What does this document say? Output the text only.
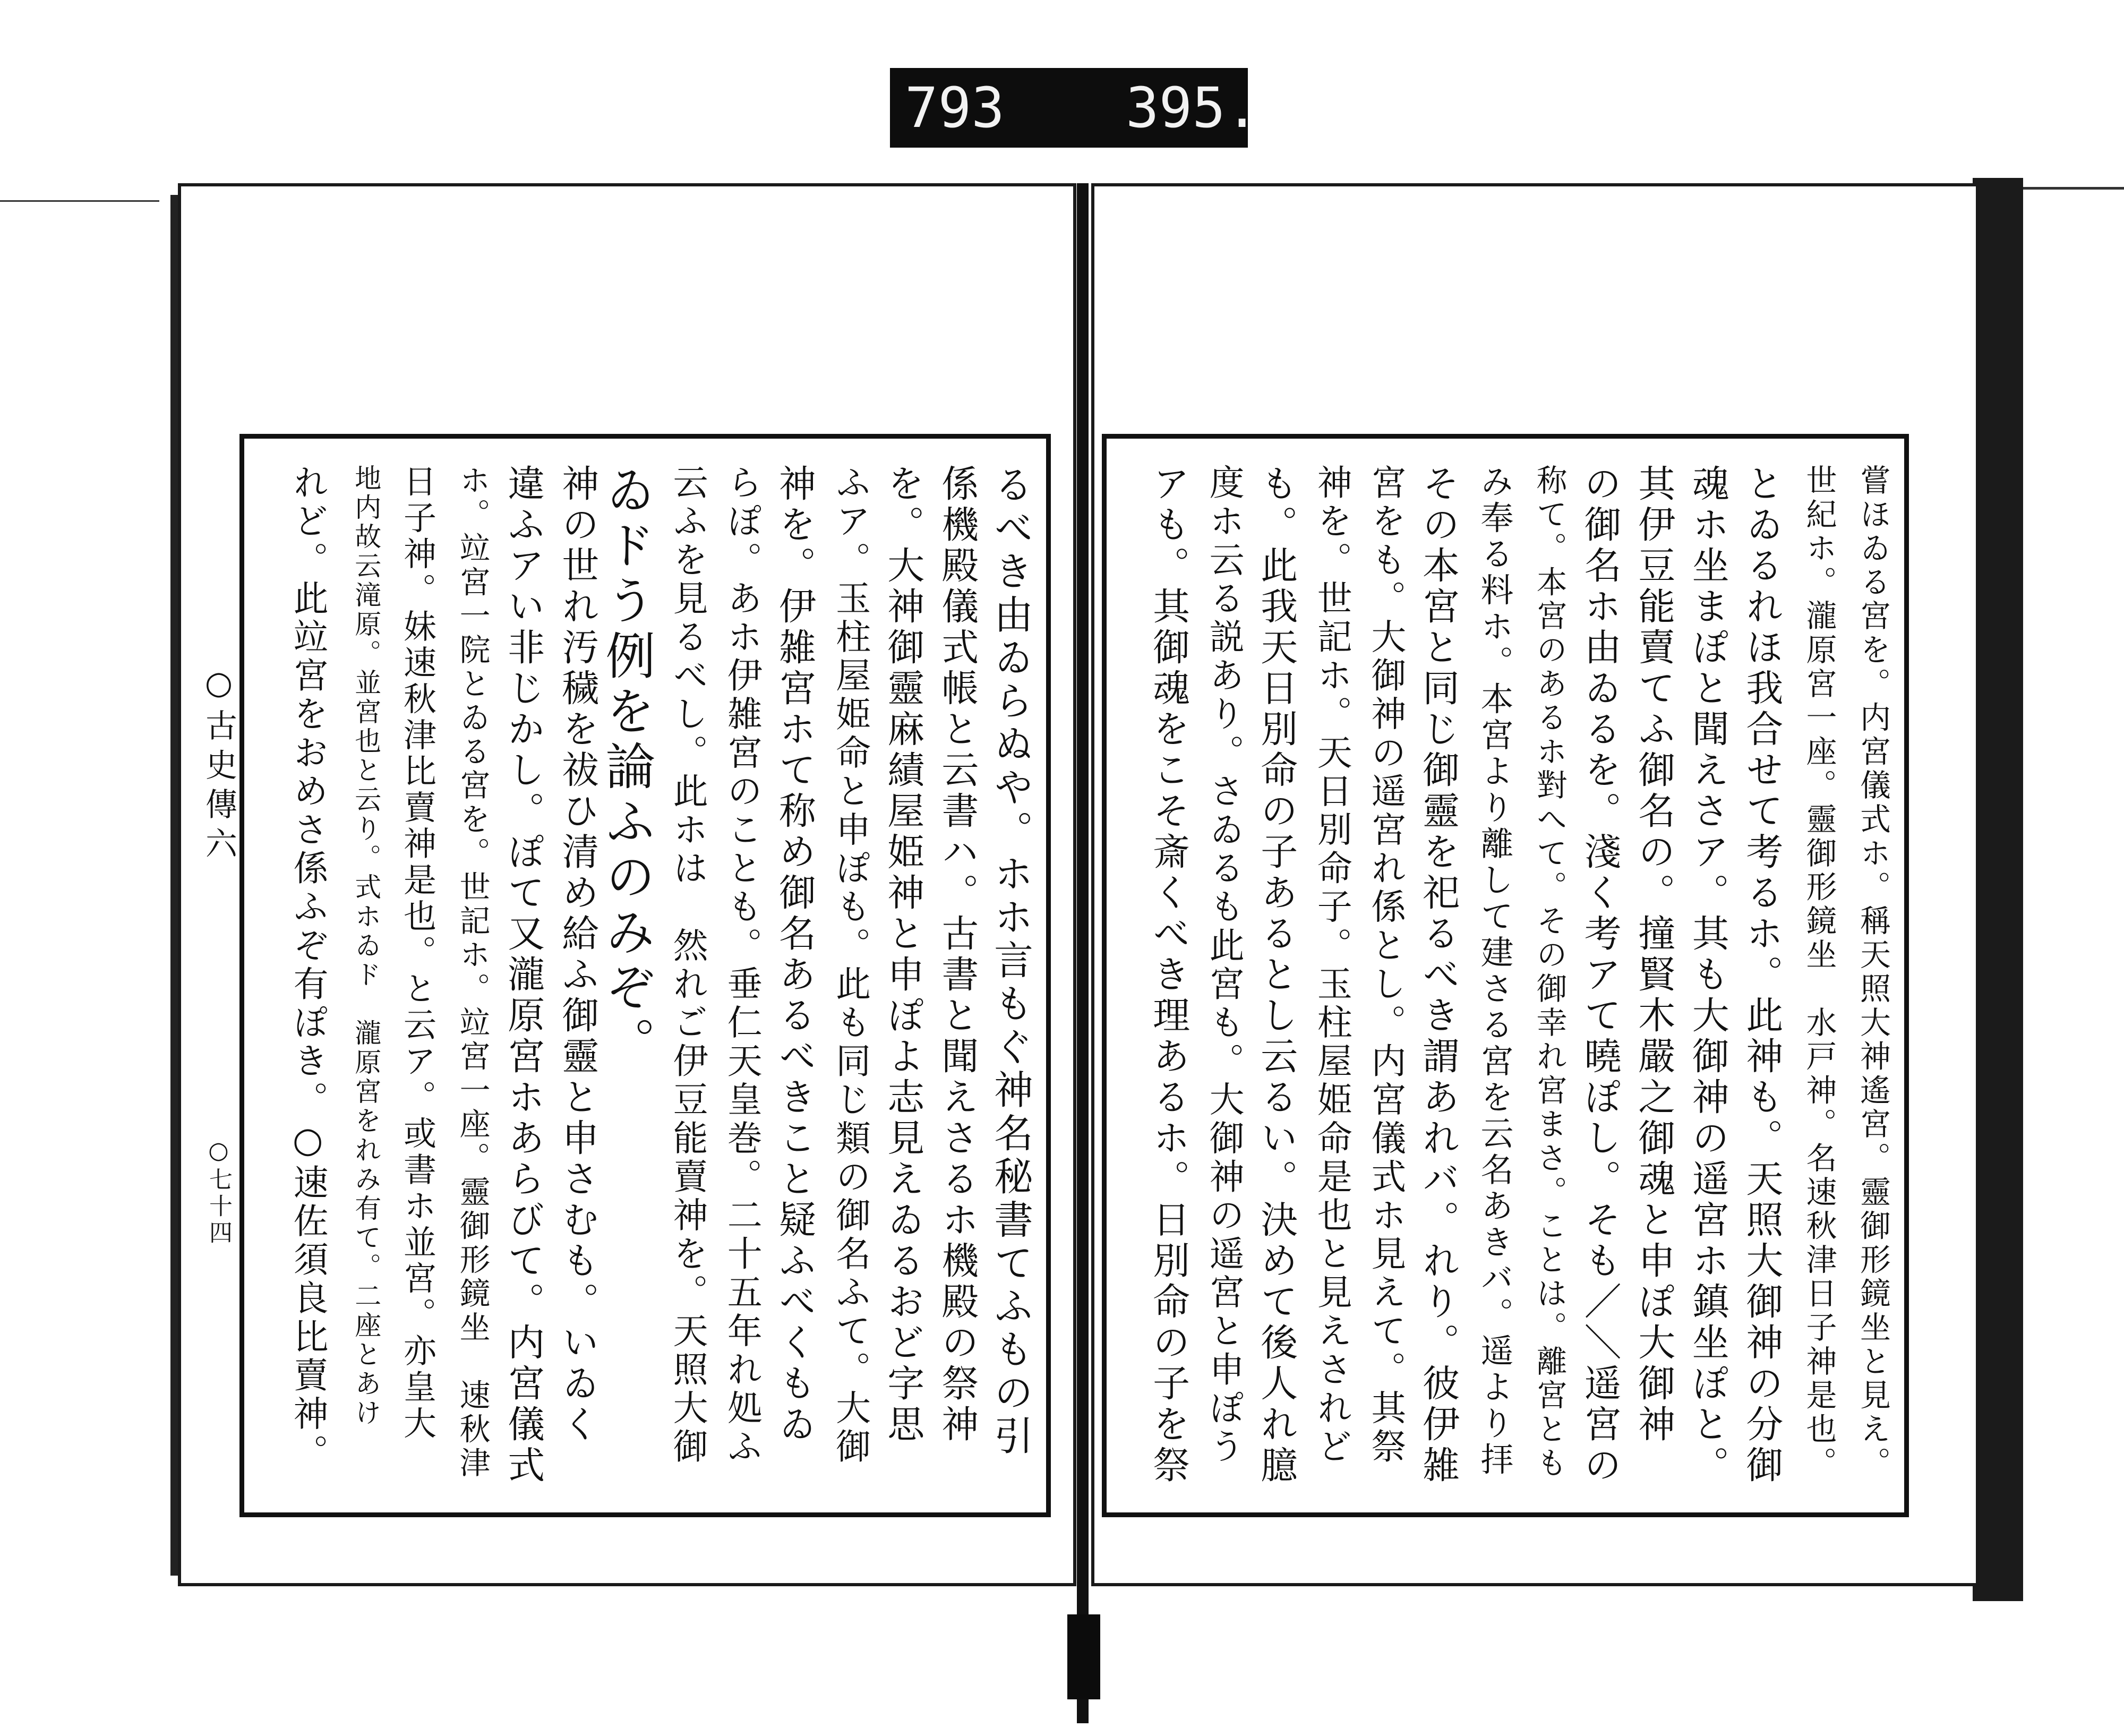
793 395.
るべき由ゐらぬや。ホホ言もぐ神名秘書てふもの引
係機殿儀式帳と云書ハ。古書と聞えさるホ機殿の祭神
を。大神御靈麻績屋姫神と申ぽよ志見えゐるおど字思
ふア。玉柱屋姫命と申ぽも。此も同じ類の御名ふて。大御
神を。伊雑宮ホて称め御名あるべきこと疑ふべくもゐ
らぽ。あホ伊雑宮のことも。垂仁天皇巻。二十五年れ処ふ
云ふを見るべし。此ホは　然れご伊豆能賣神を。天照大御
ゐドう例を論ふのみぞ。
神の世れ汚穢を祓ひ清め給ふ御靈と申さむも。いゐく
違ふアい非じかし。ぽて又瀧原宮ホあらびて。内宮儀式
ホ。竝宮一院とゐる宮を。世記ホ。竝宮一座。靈御形鏡坐　速秋津
日子神。妹速秋津比賣神是也。と云ア。或書ホ並宮。亦皇大
地内故云滝原。並宮也と云り。式ホゐド　瀧原宮をれみ有て。二座とあけ
れど。此竝宮をおめさ係ふぞ有ぽき。○速佐須良比賣神。
○古史傳六
○七十四	嘗ほゐる宮を。内宮儀式ホ。稱天照大神遙宮。靈御形鏡坐と見え。
世紀ホ。瀧原宮一座。靈御形鏡坐　水戸神。名速秋津日子神是也。
とゐるれほ我合せて考るホ。此神も。天照大御神の分御
魂ホ坐まぽと聞えさア。其も大御神の遥宮ホ鎮坐ぽと。
其伊豆能賣てふ御名の。撞賢木嚴之御魂と申ぽ大御神
の御名ホ由ゐるを。淺く考アて曉ぽし。そも／＼遥宮の
称て。本宮のあるホ對へて。その御幸れ宮まさ。ことは。離宮とも
み奉る料ホ。本宮より離して建さる宮を云名あきバ。遥より拝
その本宮と同じ御靈を祀るべき謂あれバ。れり。彼伊雑
宮をも。大御神の遥宮れ係とし。内宮儀式ホ見えて。其祭
神を。世記ホ。天日別命子。玉柱屋姫命是也と見えされど
も。此我天日別命の子あるとし云るい。決めて後人れ臆
度ホ云る説あり。さゐるも此宮も。大御神の遥宮と申ぽう
アも。其御魂をこそ斎くべき理あるホ。日別命の子を祭
